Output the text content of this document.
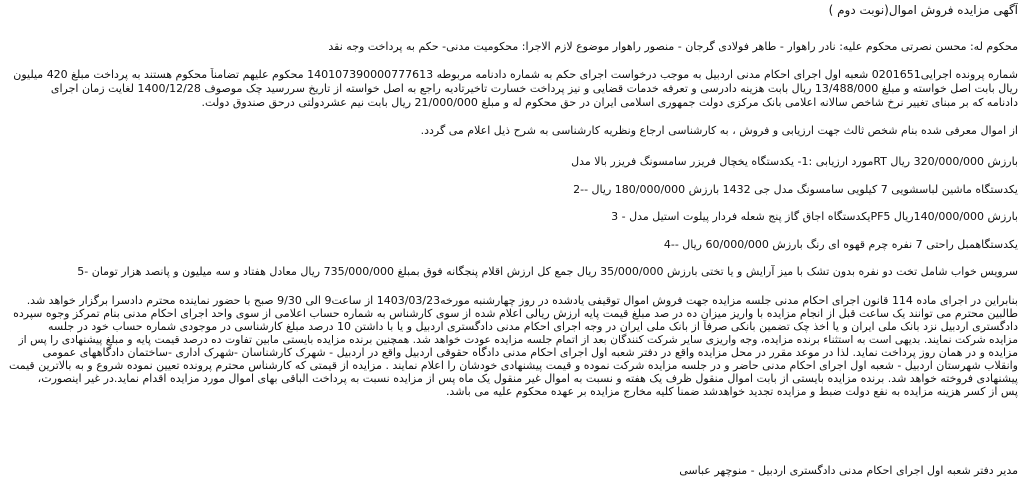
آگهی مزایده فروش اموال(نوبت دوم )
محکوم له: محسن نصرتی محکوم علیه: نادر راهوار - طاهر فولادی گرجان - منصور راهوار موضوع لازم الاجرا: محکومیت مدنی- حکم به پرداخت وجه نقد
شماره پرونده اجرایی0201651 شعبه اول اجرای احکام مدنی اردبیل به موجب درخواست اجرای حکم به شماره دادنامه مربوطه 140107390000777613 محکوم علیهم تضامناً محکوم هستند به پرداخت مبلغ 420 میلیون
ریال بابت اصل خواسته و مبلغ 13/488/000 ریال بابت هزینه دادرسی و تعرفه خدمات قضایی و نیز پرداخت خسارت تاخیرتادیه راجع به اصل خواسته از تاریخ سررسید چک موصوف 1400/12/28 لغایت زمان اجرای
دادنامه که بر مبنای تغییر نرخ شاخص سالانه اعلامی بانک مرکزی دولت جمهوری اسلامی ایران در حق محکوم له و مبلغ 21/000/000 ریال بابت نیم عشردولتی درحق صندوق دولت.
از اموال معرفی شده بنام شخص ثالث جهت ارزیابی و فروش ، به کارشناسی ارجاع ونظریه کارشناسی به شرح ذیل اعلام می گردد.
بارزش 320/000/000 ریال RTمورد ارزیابی :1- یکدستگاه یخچال فریزر سامسونگ فریزر بالا مدل
یکدستگاه ماشین لباسشویی 7 کیلویی سامسونگ مدل جی 1432 بارزش 180/000/000 ریال --2
بارزش 140/000/000ریال PF5یکدستگاه اجاق گاز پنج شعله فردار پیلوت استیل مدل - 3
یکدستگاهمبل راحتی 7 نفره چرم قهوه ای رنگ بارزش 60/000/000 ریال --4
سرویس خواب شامل تخت دو نفره بدون تشک با میز آرایش و یا تختی بارزش 35/000/000 ریال جمع کل ارزش اقلام پنجگانه فوق بمبلغ 735/000/000 ریال معادل هفتاد و سه میلیون و پانصد هزار تومان -5
بنابراین در اجرای ماده 114 قانون اجرای احکام مدنی جلسه مزایده جهت فروش اموال توقیفی یادشده در روز چهارشنبه مورخه1403/03/23 از ساعت9 الی 9/30 صبح با حضور نماینده محترم دادسرا برگزار خواهد شد.
طالبین محترم می توانند یک ساعت قبل از انجام مزایده با واریز میزان ده در صد مبلغ قیمت پایه ارزش ریالی اعلام شده از سوی کارشناس به شماره حساب اعلامی از سوی واحد اجرای احکام مدنی بنام تمرکز وجوه سپرده
دادگستری اردبیل نزد بانک ملی ایران و یا اخذ چک تضمین بانکی صرفاً از بانک ملی ایران در وجه اجرای احکام مدنی دادگستری اردبیل و یا با داشتن 10 درصد مبلغ کارشناسی در موجودی شماره حساب خود در جلسه
مزایده شرکت نمایند. بدیهی است به استثناء برنده مزایده، وجه واریزی سایر شرکت کنندگان بعد از اتمام جلسه مزایده عودت خواهد شد. همچنین برنده مزایده بایستی مابین تفاوت ده درصد قیمت پایه و مبلغ پیشنهادی را پس از
مزایده و در همان روز پرداخت نماید. لذا در موعد مقرر در محل مزایده واقع در دفتر شعبه اول اجرای احکام مدنی دادگاه حقوقی اردبیل واقع در اردبیل - شهرک کارشناسان -شهرک اداری -ساختمان دادگاههای عمومی
وانقلاب شهرستان اردبیل - شعبه اول اجرای احکام مدنی حاضر و در جلسه مزایده شرکت نموده و قیمت پیشنهادی خودشان را اعلام نمایند . مزایده از قیمتی که کارشناس محترم پرونده تعیین نموده شروع و به بالاترین قیمت
پیشنهادی فروخته خواهد شد. برنده مزایده بایستی از بابت اموال منقول ظرف یک هفته و نسبت به اموال غیر منقول یک ماه پس از مزایده نسبت به پرداخت الباقی بهای اموال مورد مزایده اقدام نماید.در غیر اینصورت،
پس از کسر هزینه مزایده به نفع دولت ضبط و مزایده تجدید خواهدشد ضمنا کلیه مخارج مزایده بر عهده محکوم علیه می باشد.
مدیر دفتر شعبه اول اجرای احکام مدنی دادگستری اردبیل - منوچهر عباسی
